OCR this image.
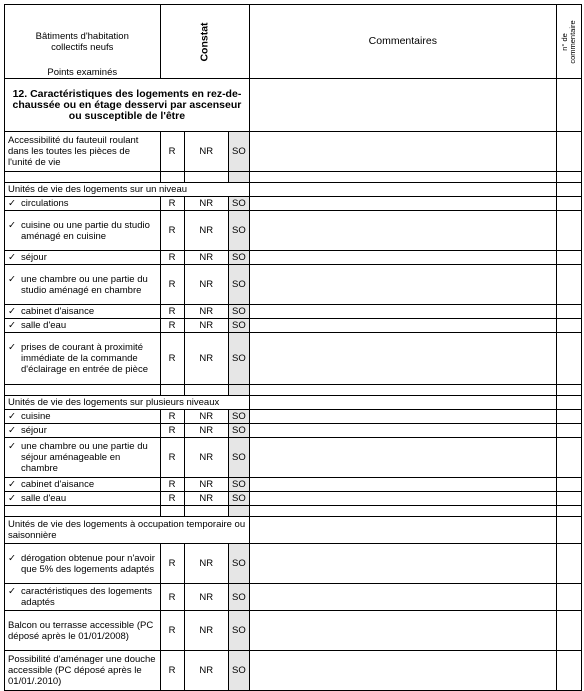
Bâtiments d'habitation
collectifs neufs
Points examinés	Constat			Commentaires	n° de
commentaire

12. Caractéristiques des logements en rez-de-chaussée ou en étage desservi par ascenseur ou susceptible de l'être					
Accessibilité du fauteuil roulant dans les toutes les pièces de l'unité de vie	R	NR	SO		

Unités de vie des logements sur un niveau					

✓ circulations	R	NR	SO		

✓ cuisine ou une partie du studio aménagé en cuisine	R	NR	SO		

✓ séjour	R	NR	SO		

✓ une chambre ou une partie du studio aménagé en chambre	R	NR	SO		

✓ cabinet d'aisance	R	NR	SO		

✓ salle d'eau	R	NR	SO		

✓ prises de courant à proximité immédiate de la commande d'éclairage en entrée de pièce	R	NR	SO		

Unités de vie des logements sur plusieurs niveaux					

✓ cuisine	R	NR	SO		

✓ séjour	R	NR	SO		

✓ une chambre ou une partie du séjour aménageable en chambre	R	NR	SO		

✓ cabinet d'aisance	R	NR	SO		

✓ salle d'eau	R	NR	SO		

Unités de vie des logements à occupation temporaire ou saisonnière					

✓ dérogation obtenue pour n'avoir que 5% des logements adaptés	R	NR	SO		

✓ caractéristiques des logements adaptés	R	NR	SO		
Balcon ou terrasse accessible (PC déposé après le 01/01/2008)	R	NR	SO		
Possibilité d'aménager une douche accessible (PC déposé après le 01/01/.2010)	R	NR	SO		
